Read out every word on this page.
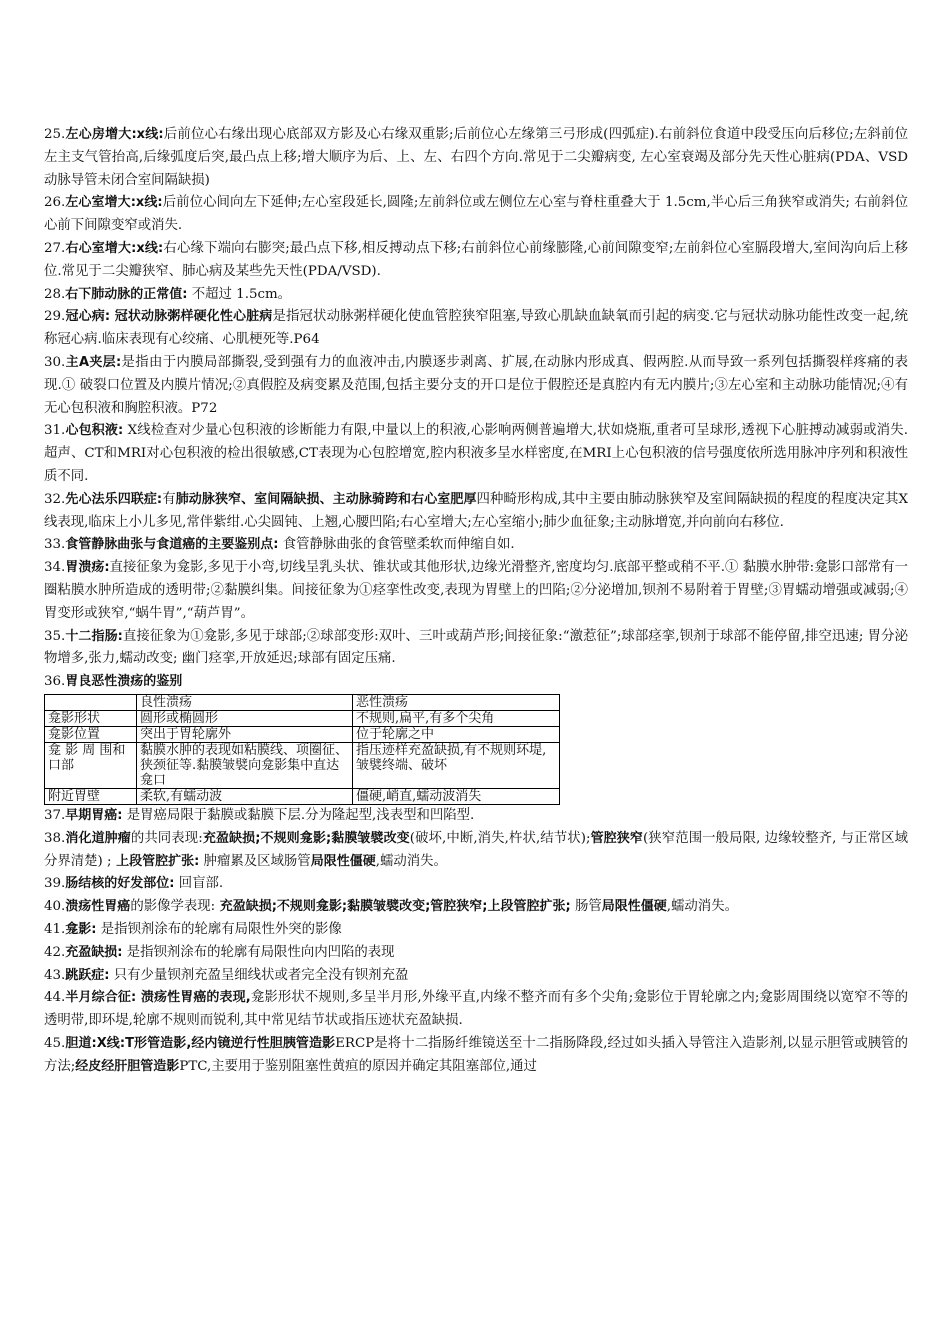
25.左心房增大:x线:后前位心右缘出现心底部双方影及心右缘双重影;后前位心左缘第三弓形成(四弧症).右前斜位食道中段受压向后移位;左斜前位左主支气管抬高,后缘弧度后突,最凸点上移;增大顺序为后、上、左、右四个方向.常见于二尖瓣病变, 左心室衰竭及部分先天性心脏病(PDA、VSD动脉导管未闭合室间隔缺损)

26.左心室增大:x线:后前位心间向左下延伸;左心室段延长,圆隆;左前斜位或左侧位左心室与脊柱重叠大于 1.5cm,半心后三角狭窄或消失; 右前斜位心前下间隙变窄或消失.

27.右心室增大:x线:右心缘下端向右膨突;最凸点下移,相反搏动点下移;右前斜位心前缘膨隆,心前间隙变窄;左前斜位心室膈段增大,室间沟向后上移位.常见于二尖瓣狭窄、肺心病及某些先天性(PDA/VSD).

28.右下肺动脉的正常值: 不超过 1.5cm。

29.冠心病: 冠状动脉粥样硬化性心脏病是指冠状动脉粥样硬化使血管腔狭窄阻塞,导致心肌缺血缺氧而引起的病变.它与冠状动脉功能性改变一起,统称冠心病.临床表现有心绞痛、心肌梗死等.P64

30.主A夹层:是指由于内膜局部撕裂,受到强有力的血液冲击,内膜逐步剥离、扩展,在动脉内形成真、假两腔.从而导致一系列包括撕裂样疼痛的表现.① 破裂口位置及内膜片情况;②真假腔及病变累及范围,包括主要分支的开口是位于假腔还是真腔内有无内膜片;③左心室和主动脉功能情况;④有无心包积液和胸腔积液。P72

31.心包积液: X线检查对少量心包积液的诊断能力有限,中量以上的积液,心影响两侧普遍增大,状如烧瓶,重者可呈球形,透视下心脏搏动减弱或消失.超声、CT和MRI对心包积液的检出很敏感,CT表现为心包腔增宽,腔内积液多呈水样密度,在MRI上心包积液的信号强度依所选用脉冲序列和积液性质不同.

32.先心法乐四联症:有肺动脉狭窄、室间隔缺损、主动脉骑跨和右心室肥厚四种畸形构成,其中主要由肺动脉狭窄及室间隔缺损的程度的程度决定其X线表现,临床上小儿多见,常伴紫绀.心尖圆钝、上翘,心腰凹陷;右心室增大;左心室缩小;肺少血征象;主动脉增宽,并向前向右移位.

33.食管静脉曲张与食道癌的主要鉴别点: 食管静脉曲张的食管壁柔软而伸缩自如.

34.胃溃疡:直接征象为龛影,多见于小弯,切线呈乳头状、锥状或其他形状,边缘光滑整齐,密度均匀.底部平整或稍不平.① 黏膜水肿带:龛影口部常有一圈粘膜水肿所造成的透明带;②黏膜纠集。间接征象为①痉挛性改变,表现为胃壁上的凹陷;②分泌增加,钡剂不易附着于胃壁;③胃蠕动增强或减弱;④胃变形或狭窄,“蜗牛胃”,“葫芦胃”。

35.十二指肠:直接征象为①龛影,多见于球部;②球部变形:双叶、三叶或葫芦形;间接征象:“激惹征”;球部痉挛,钡剂于球部不能停留,排空迅速; 胃分泌物增多,张力,蠕动改变; 幽门痉挛,开放延迟;球部有固定压痛.

36.胃良恶性溃疡的鉴别

	良性溃疡	恶性溃疡
龛影形状	圆形或椭圆形	不规则,扁平,有多个尖角
龛影位置	突出于胃轮廓外	位于轮廓之中
龛 影 周 围和口部	黏膜水肿的表现如粘膜线、项圈征、狭颈征等.黏膜皱襞向龛影集中直达龛口	指压迹样充盈缺损,有不规则环堤,皱襞终端、破坏
附近胃壁	柔软,有蠕动波	僵硬,峭直,蠕动波消失

37.早期胃癌: 是胃癌局限于黏膜或黏膜下层.分为隆起型,浅表型和凹陷型.

38.消化道肿瘤的共同表现:充盈缺损;不规则龛影;黏膜皱襞改变(破坏,中断,消失,杵状,结节状);管腔狭窄(狭窄范围一般局限, 边缘较整齐, 与正常区域分界清楚) ; 上段管腔扩张: 肿瘤累及区域肠管局限性僵硬,蠕动消失。

39.肠结核的好发部位: 回盲部.

40.溃疡性胃癌的影像学表现: 充盈缺损;不规则龛影;黏膜皱襞改变;管腔狭窄;上段管腔扩张; 肠管局限性僵硬,蠕动消失。

41.龛影: 是指钡剂涂布的轮廓有局限性外突的影像

42.充盈缺损: 是指钡剂涂布的轮廓有局限性向内凹陷的表现

43.跳跃症: 只有少量钡剂充盈呈细线状或者完全没有钡剂充盈

44.半月综合征: 溃疡性胃癌的表现,龛影形状不规则,多呈半月形,外缘平直,内缘不整齐而有多个尖角;龛影位于胃轮廓之内;龛影周围绕以宽窄不等的透明带,即环堤,轮廓不规则而锐利,其中常见结节状或指压迹状充盈缺损.

45.胆道:X线:T形管造影,经内镜逆行性胆胰管造影ERCP是将十二指肠纤维镜送至十二指肠降段,经过如头插入导管注入造影剂,以显示胆管或胰管的方法;经皮经肝胆管造影PTC,主要用于鉴别阻塞性黄疸的原因并确定其阻塞部位,通过
